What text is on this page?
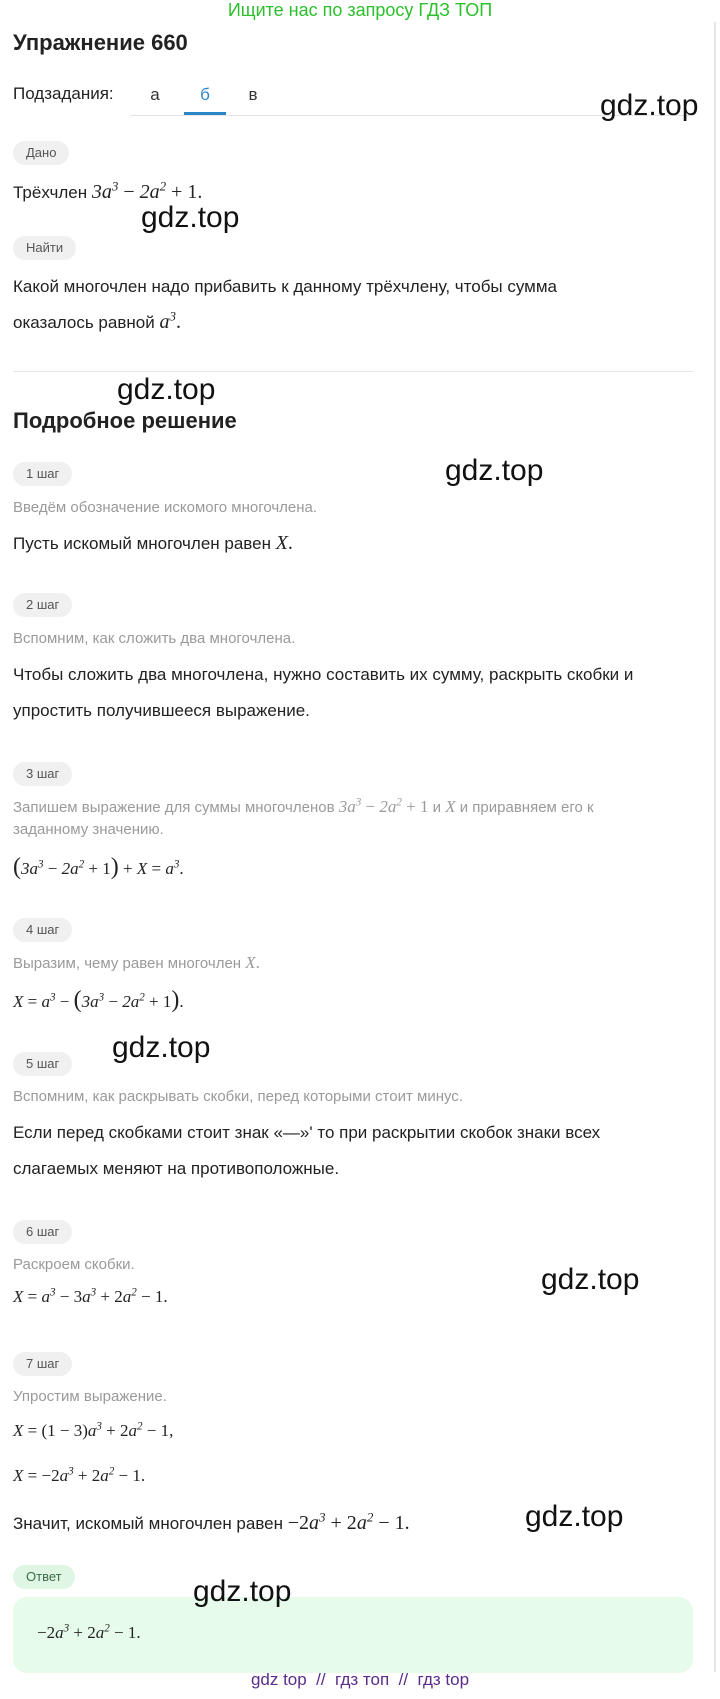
Ищите нас по запросу ГДЗ ТОП
Упражнение 660
Подзадания:	а	б	в
Дано
Трёхчлен $3a^3 - 2a^2 + 1$.
Найти
Какой многочлен надо прибавить к данному трёхчлену, чтобы сумма
оказалось равной $a^3$.
Подробное решение
1 шаг
Введём обозначение искомого многочлена.
Пусть искомый многочлен равен X.
2 шаг
Вспомним, как сложить два многочлена.
Чтобы сложить два многочлена, нужно составить их сумму, раскрыть скобки и
упростить получившееся выражение.
3 шаг
Запишем выражение для суммы многочленов $3a^3 - 2a^2 + 1$ и X и приравняем его к
заданному значению.
$(3a^3 - 2a^2 + 1) + X = a^3$.
4 шаг
Выразим, чему равен многочлен X.
$X = a^3 - (3a^3 - 2a^2 + 1)$.
5 шаг
Вспомним, как раскрывать скобки, перед которыми стоит минус.
Если перед скобками стоит знак «—»' то при раскрытии скобок знаки всех
слагаемых меняют на противоположные.
6 шаг
Раскроем скобки.
$X = a^3 - 3a^3 + 2a^2 - 1$.
7 шаг
Упростим выражение.
$X = (1 - 3)a^3 + 2a^2 - 1$,
$X = -2a^3 + 2a^2 - 1$.
Значит, искомый многочлен равен $-2a^3 + 2a^2 - 1$.
Ответ
$-2a^3 + 2a^2 - 1$.
gdz.top
gdz.top
gdz.top
gdz.top
gdz.top
gdz.top
gdz.top
gdz.top
gdz top  //  гдз топ  //  гдз top
